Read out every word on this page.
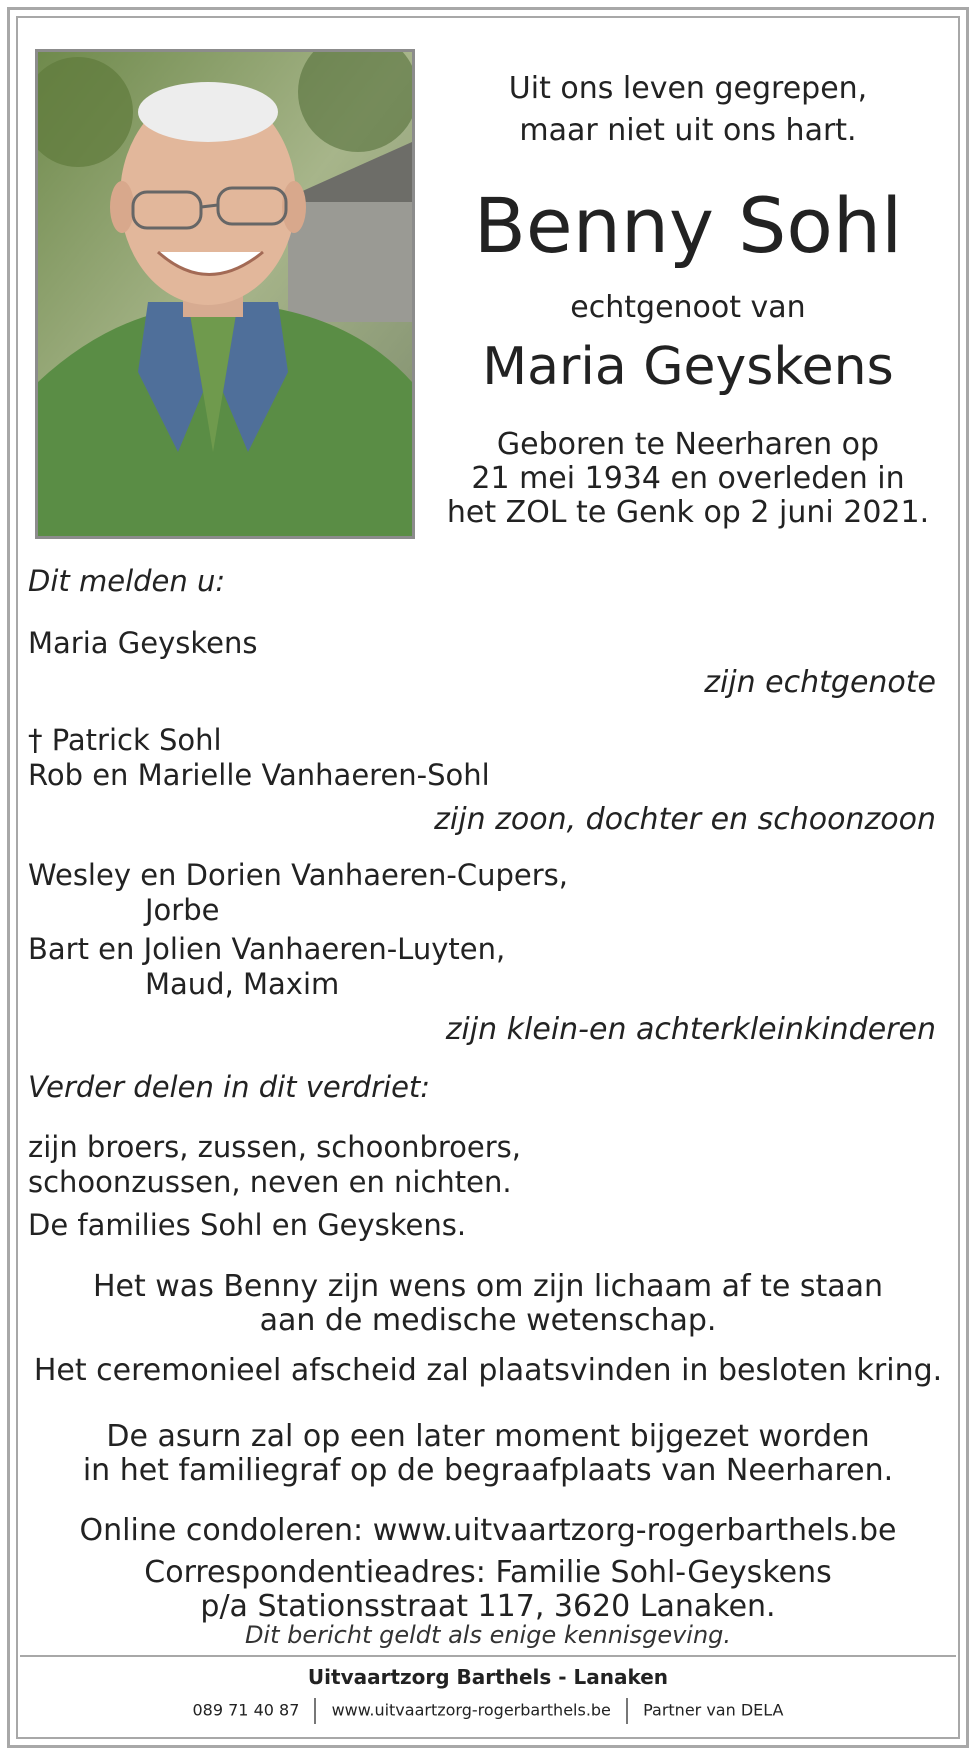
Uit ons leven gegrepen,
maar niet uit ons hart.
Benny Sohl
echtgenoot van
Maria Geyskens
Geboren te Neerharen op
21 mei 1934 en overleden in
het ZOL te Genk op 2 juni 2021.
Dit melden u:
Maria Geyskens
zijn echtgenote
† Patrick Sohl
Rob en Marielle Vanhaeren-Sohl
zijn zoon, dochter en schoonzoon
Wesley en Dorien Vanhaeren-Cupers,
Jorbe
Bart en Jolien Vanhaeren-Luyten,
Maud, Maxim
zijn klein-en achterkleinkinderen
Verder delen in dit verdriet:
zijn broers, zussen, schoonbroers,
schoonzussen, neven en nichten.
De families Sohl en Geyskens.
Het was Benny zijn wens om zijn lichaam af te staan
aan de medische wetenschap.
Het ceremonieel afscheid zal plaatsvinden in besloten kring.
De asurn zal op een later moment bijgezet worden
in het familiegraf op de begraafplaats van Neerharen.
Online condoleren: www.uitvaartzorg-rogerbarthels.be
Correspondentieadres: Familie Sohl-Geyskens
p/a Stationsstraat 117, 3620 Lanaken.
Dit bericht geldt als enige kennisgeving.
Uitvaartzorg Barthels - Lanaken
089 71 40 87 www.uitvaartzorg-rogerbarthels.be Partner van DELA
